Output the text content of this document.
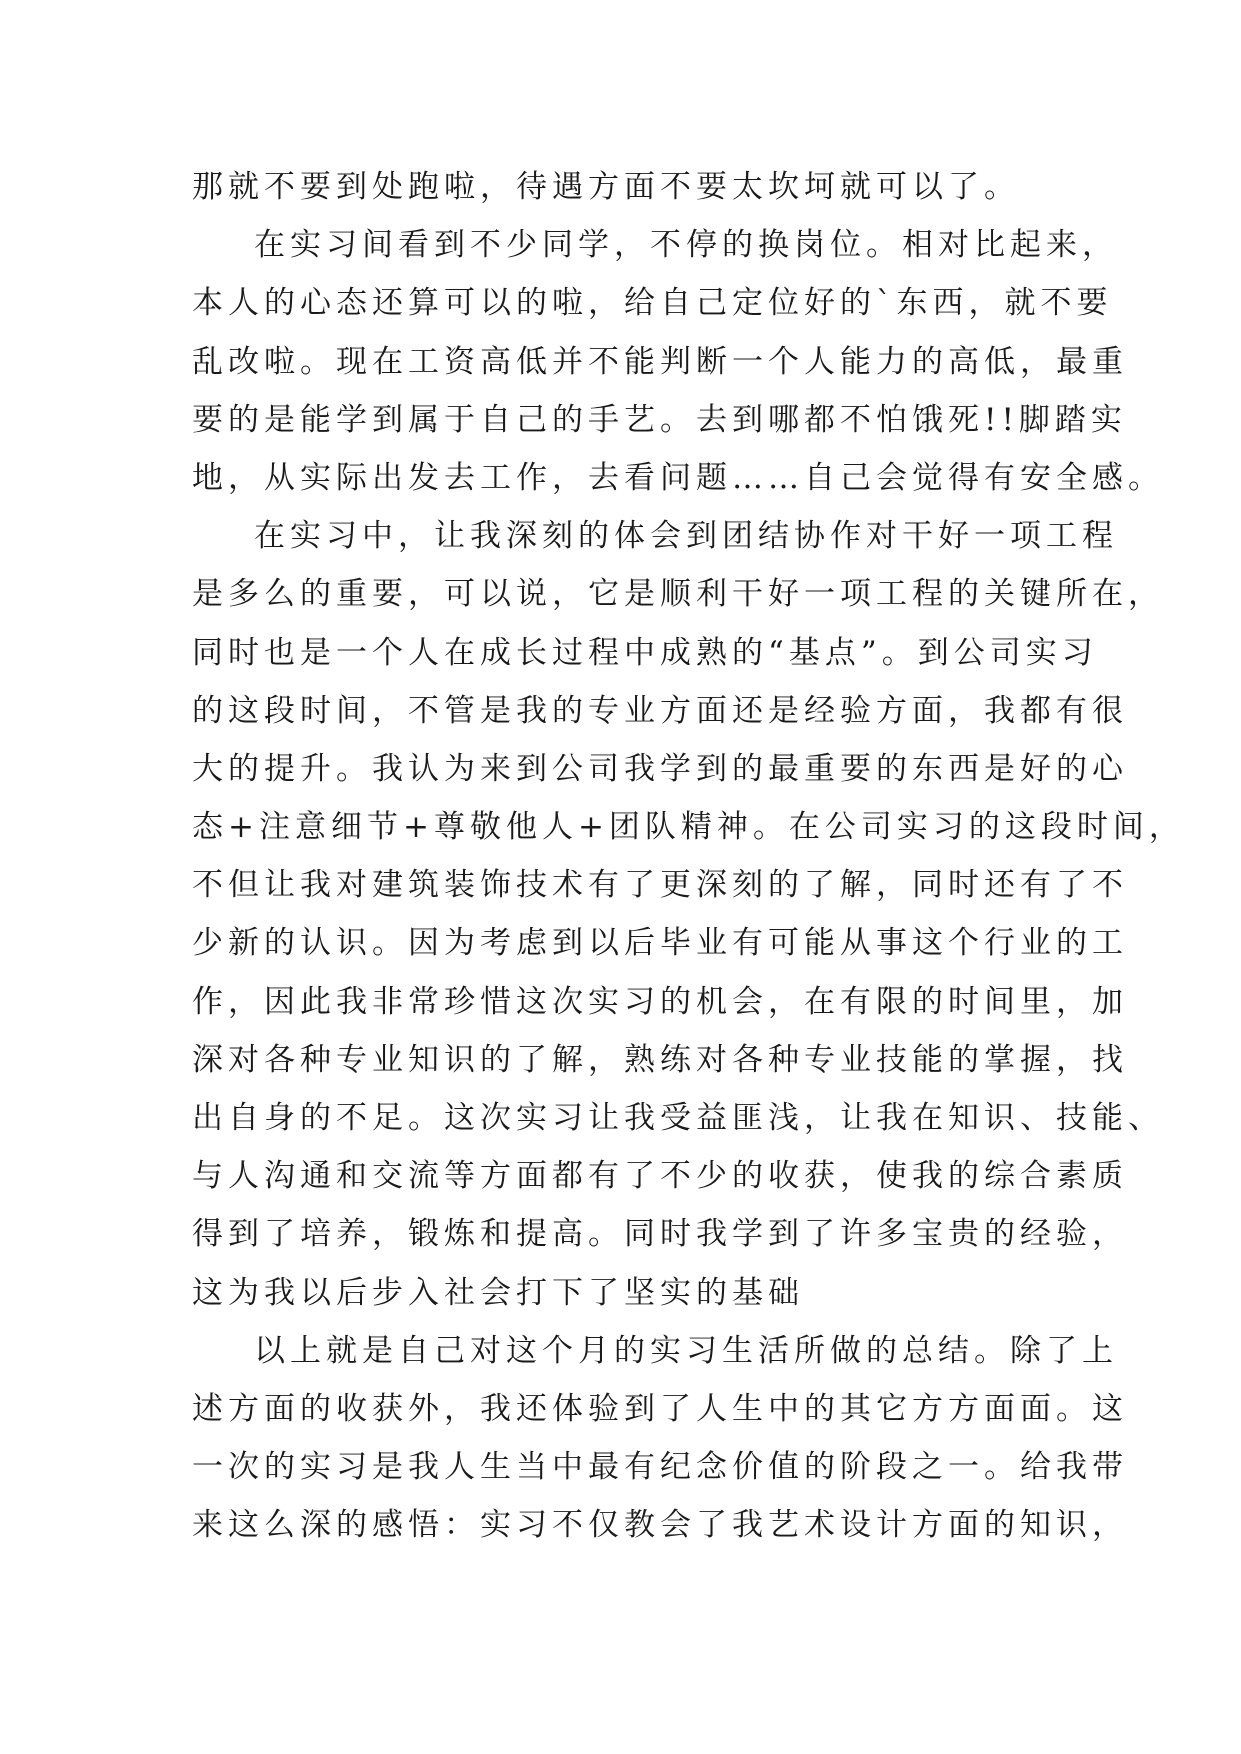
那就不要到处跑啦，待遇方面不要太坎坷就可以了。
在实习间看到不少同学，不停的换岗位。相对比起来，
本人的心态还算可以的啦，给自己定位好的`东西，就不要
乱改啦。现在工资高低并不能判断一个人能力的高低，最重
要的是能学到属于自己的手艺。去到哪都不怕饿死!!脚踏实
地，从实际出发去工作，去看问题……自己会觉得有安全感。
在实习中，让我深刻的体会到团结协作对干好一项工程
是多么的重要，可以说，它是顺利干好一项工程的关键所在，
同时也是一个人在成长过程中成熟的“基点”。到公司实习
的这段时间，不管是我的专业方面还是经验方面，我都有很
大的提升。我认为来到公司我学到的最重要的东西是好的心
态+注意细节+尊敬他人+团队精神。在公司实习的这段时间，
不但让我对建筑装饰技术有了更深刻的了解，同时还有了不
少新的认识。因为考虑到以后毕业有可能从事这个行业的工
作，因此我非常珍惜这次实习的机会，在有限的时间里，加
深对各种专业知识的了解，熟练对各种专业技能的掌握，找
出自身的不足。这次实习让我受益匪浅，让我在知识、技能、
与人沟通和交流等方面都有了不少的收获，使我的综合素质
得到了培养，锻炼和提高。同时我学到了许多宝贵的经验，
这为我以后步入社会打下了坚实的基础
以上就是自己对这个月的实习生活所做的总结。除了上
述方面的收获外，我还体验到了人生中的其它方方面面。这
一次的实习是我人生当中最有纪念价值的阶段之一。给我带
来这么深的感悟：实习不仅教会了我艺术设计方面的知识，
